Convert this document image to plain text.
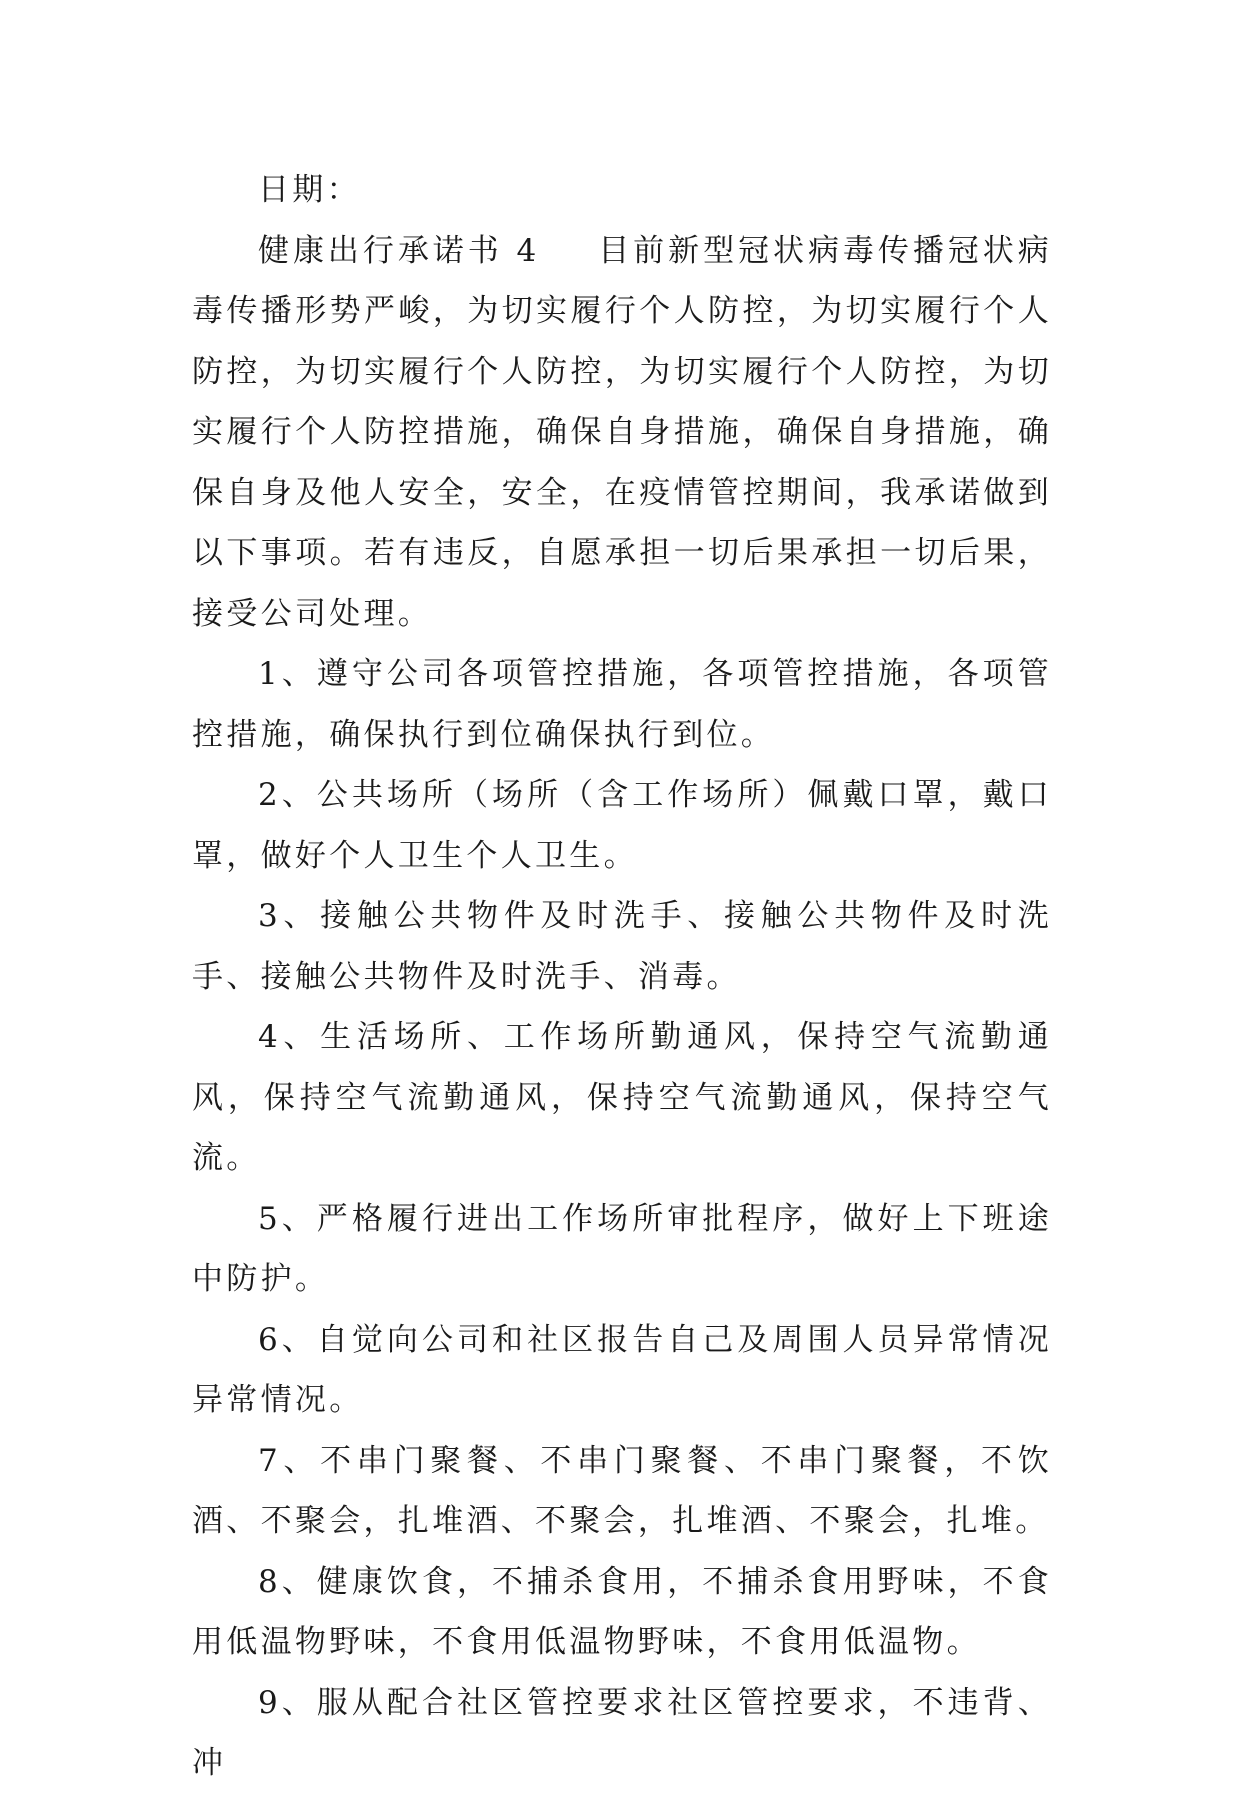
日期：

健康出行承诺书 4 目前新型冠状病毒传播冠状病毒传播形势严峻，为切实履行个人防控，为切实履行个人防控，为切实履行个人防控，为切实履行个人防控，为切实履行个人防控措施，确保自身措施，确保自身措施，确保自身及他人安全，安全，在疫情管控期间，我承诺做到以下事项。若有违反，自愿承担一切后果承担一切后果，接受公司处理。

1、遵守公司各项管控措施，各项管控措施，各项管控措施，确保执行到位确保执行到位。

2、公共场所（场所（含工作场所）佩戴口罩，戴口罩，做好个人卫生个人卫生。

3、接触公共物件及时洗手、接触公共物件及时洗手、接触公共物件及时洗手、消毒。

4、生活场所、工作场所勤通风，保持空气流勤通风，保持空气流勤通风，保持空气流勤通风，保持空气流。

5、严格履行进出工作场所审批程序，做好上下班途中防护。

6、自觉向公司和社区报告自己及周围人员异常情况异常情况。

7、不串门聚餐、不串门聚餐、不串门聚餐，不饮酒、不聚会，扎堆酒、不聚会，扎堆酒、不聚会，扎堆。

8、健康饮食，不捕杀食用，不捕杀食用野味，不食用低温物野味，不食用低温物野味，不食用低温物。

9、服从配合社区管控要求社区管控要求，不违背、冲
